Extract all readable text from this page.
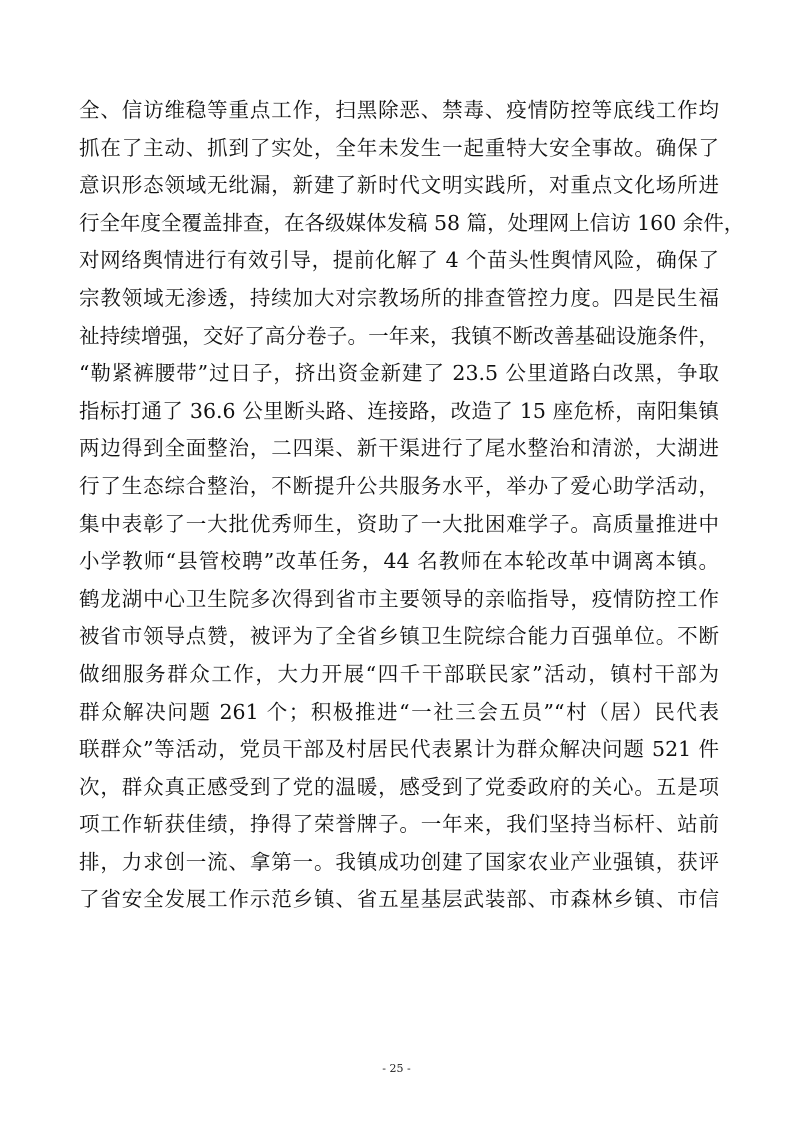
全、信访维稳等重点工作，扫黑除恶、禁毒、疫情防控等底线工作均
抓在了主动、抓到了实处，全年未发生一起重特大安全事故。确保了
意识形态领域无纰漏，新建了新时代文明实践所，对重点文化场所进
行全年度全覆盖排查，在各级媒体发稿 58 篇，处理网上信访 160 余件，
对网络舆情进行有效引导，提前化解了 4 个苗头性舆情风险，确保了
宗教领域无渗透，持续加大对宗教场所的排查管控力度。四是民生福
祉持续增强，交好了高分卷子。一年来，我镇不断改善基础设施条件，
“勒紧裤腰带”过日子，挤出资金新建了 23.5 公里道路白改黑，争取
指标打通了 36.6 公里断头路、连接路，改造了 15 座危桥，南阳集镇
两边得到全面整治，二四渠、新干渠进行了尾水整治和清淤，大湖进
行了生态综合整治，不断提升公共服务水平，举办了爱心助学活动，
集中表彰了一大批优秀师生，资助了一大批困难学子。高质量推进中
小学教师“县管校聘”改革任务，44 名教师在本轮改革中调离本镇。
鹤龙湖中心卫生院多次得到省市主要领导的亲临指导，疫情防控工作
被省市领导点赞，被评为了全省乡镇卫生院综合能力百强单位。不断
做细服务群众工作，大力开展“四千干部联民家”活动，镇村干部为
群众解决问题 261 个；积极推进“一社三会五员”“村（居）民代表
联群众”等活动，党员干部及村居民代表累计为群众解决问题 521 件
次，群众真正感受到了党的温暖，感受到了党委政府的关心。五是项
项工作斩获佳绩，挣得了荣誉牌子。一年来，我们坚持当标杆、站前
排，力求创一流、拿第一。我镇成功创建了国家农业产业强镇，获评
了省安全发展工作示范乡镇、省五星基层武装部、市森林乡镇、市信
- 25 -
